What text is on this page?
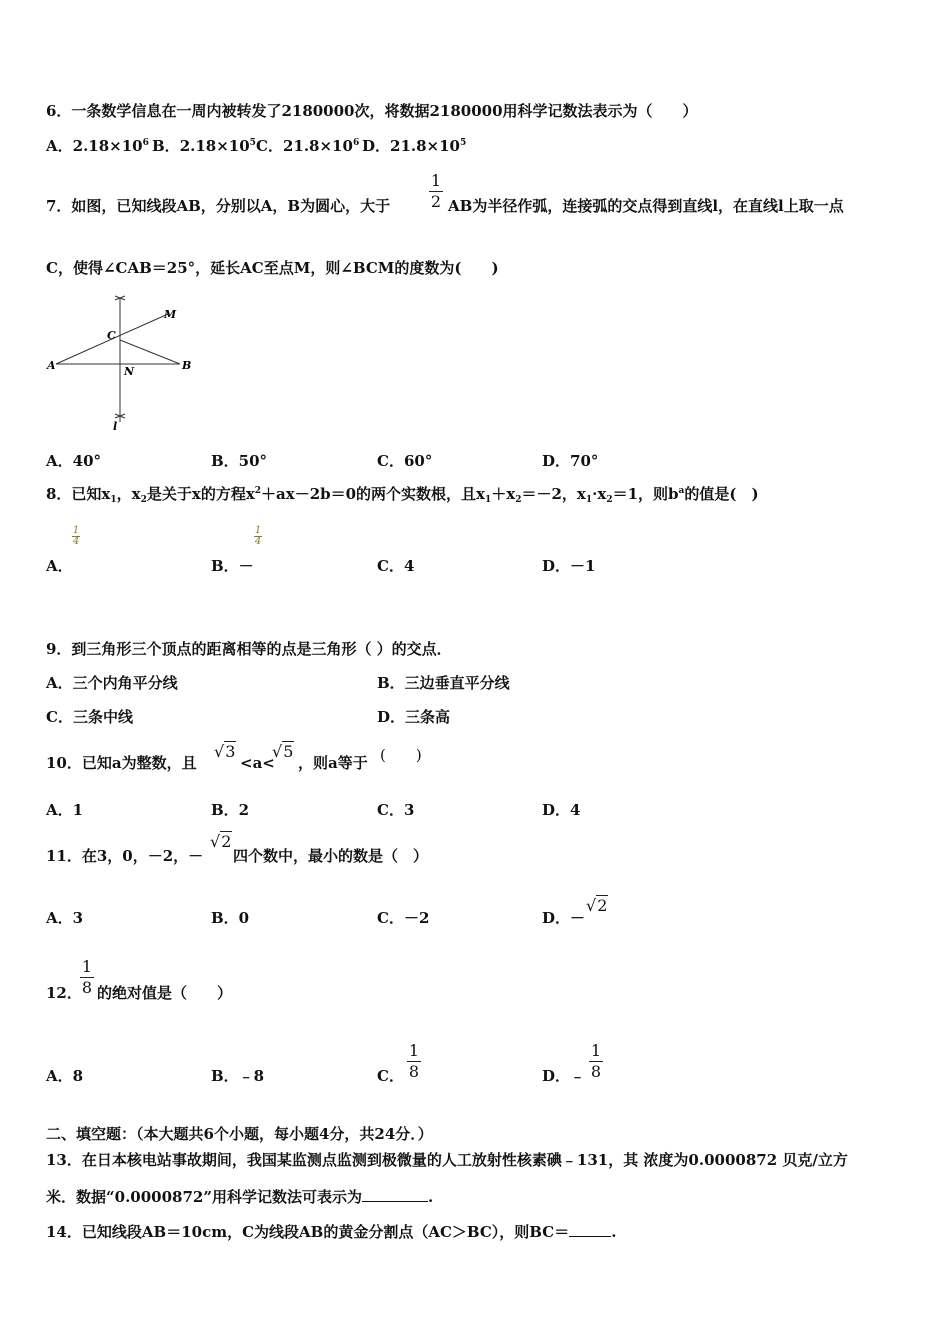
6．一条数学信息在一周内被转发了2180000次，将数据2180000用科学记数法表示为（　　）
A．$2.18\times 10^6$ B．$2.18\times 10^5$ C．$21.8\times 10^6$ D．$21.8\times 10^5$
7．如图，已知线段AB，分别以A，B为圆心，大于
1
2 AB为半径作弧，连接弧的交点得到直线l，在直线l上取一点
C，使得∠CAB＝25°，延长AC至点M，则∠BCM的度数为(　　)
A	B
C
M
N
l
A．40°	B．50°	C．60°	D．70°
8．已知$x_1$，$x_2$是关于x的方程$x^2+ax-2b=0$的两个实数根，且$x_1+x_2=-2$，$x_1\cdot x_2=1$，则$b^a$的值是(　)
1
4
A．
1
4
B．－	C．4	D．－1
9．到三角形三个顶点的距离相等的点是三角形（ ）的交点．
A．三个内角平分线	B．三边垂直平分线
C．三条中线	D．三条高
10．已知a为整数，且
√3
<a<
√5
，则a等于 (　　)
A．1	B．2	C．3	D．4
11．在3，0，－2，－
√2
四个数中，最小的数是（　）
A．3	B．0	C．－2	D．－
√2
12．
1
8 的绝对值是（　　）
A．8	B．﹣8	C．
1
8	D．﹣
1
8
二、填空题：（本大题共6个小题，每小题4分，共24分．）
13．在日本核电站事故期间，我国某监测点监测到极微量的人工放射性核素碘﹣131，其 浓度为0.0000872 贝克/立方
米．数据“0.0000872”用科学记数法可表示为	.
14．已知线段AB＝10cm，C为线段AB的黄金分割点（AC＞BC），则BC＝	.
